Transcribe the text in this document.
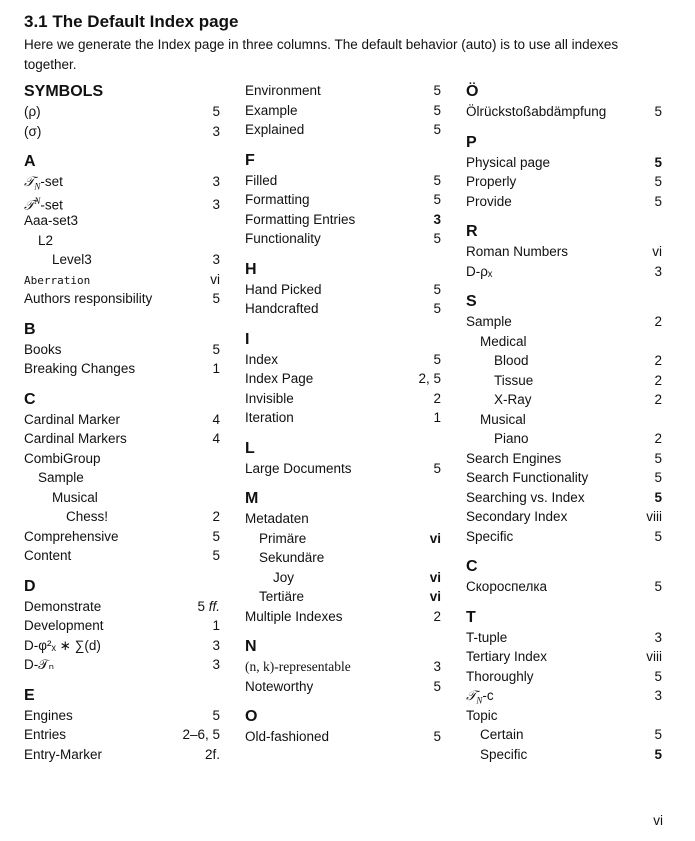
3.1 The Default Index page

Here we generate the Index page in three columns. The default behavior (auto) is to use all indexes together.

SYMBOLS
(ρ)	5
(σ)	3
A
𝒯$_N$-set	3
𝒯$^N$-set	3
Aaa-set3
L2
Level3	3
Aberration	vi
Authors responsibility	5
B
Books	5
Breaking Changes	1
C
Cardinal Marker	4
Cardinal Markers	4
CombiGroup
Sample
Musical
Chess!	2
Comprehensive	5
Content	5
D
Demonstrate	5 ff.
Development	1
D-φ²ₓ ∗ ∑(d)	3
D-𝒯ₙ	3
E
Engines	5
Entries	2–6, 5
Entry-Marker	2f.
Environment	5
Example	5
Explained	5
F
Filled	5
Formatting	5
Formatting Entries	3
Functionality	5
H
Hand Picked	5
Handcrafted	5
I
Index	5
Index Page	2, 5
Invisible	2
Iteration	1
L
Large Documents	5
M
Metadaten
Primäre	vi
Sekundäre
Joy	vi
Tertiäre	vi
Multiple Indexes	2
N
(n, k)-representable	3
Noteworthy	5
O
Old-fashioned	5
Ö
Ölrückstoßabdämpfung	5
P
Physical page	5
Properly	5
Provide	5
R
Roman Numbers	vi
D-ρₓ	3
S
Sample	2
Medical
Blood	2
Tissue	2
X-Ray	2
Musical
Piano	2
Search Engines	5
Search Functionality	5
Searching vs. Index	5
Secondary Index	viii
Specific	5
С
Скороспелка	5
T
T-tuple	3
Tertiary Index	viii
Thoroughly	5
𝒯$_N$-c	3
Topic
Certain	5
Specific	5
vi
